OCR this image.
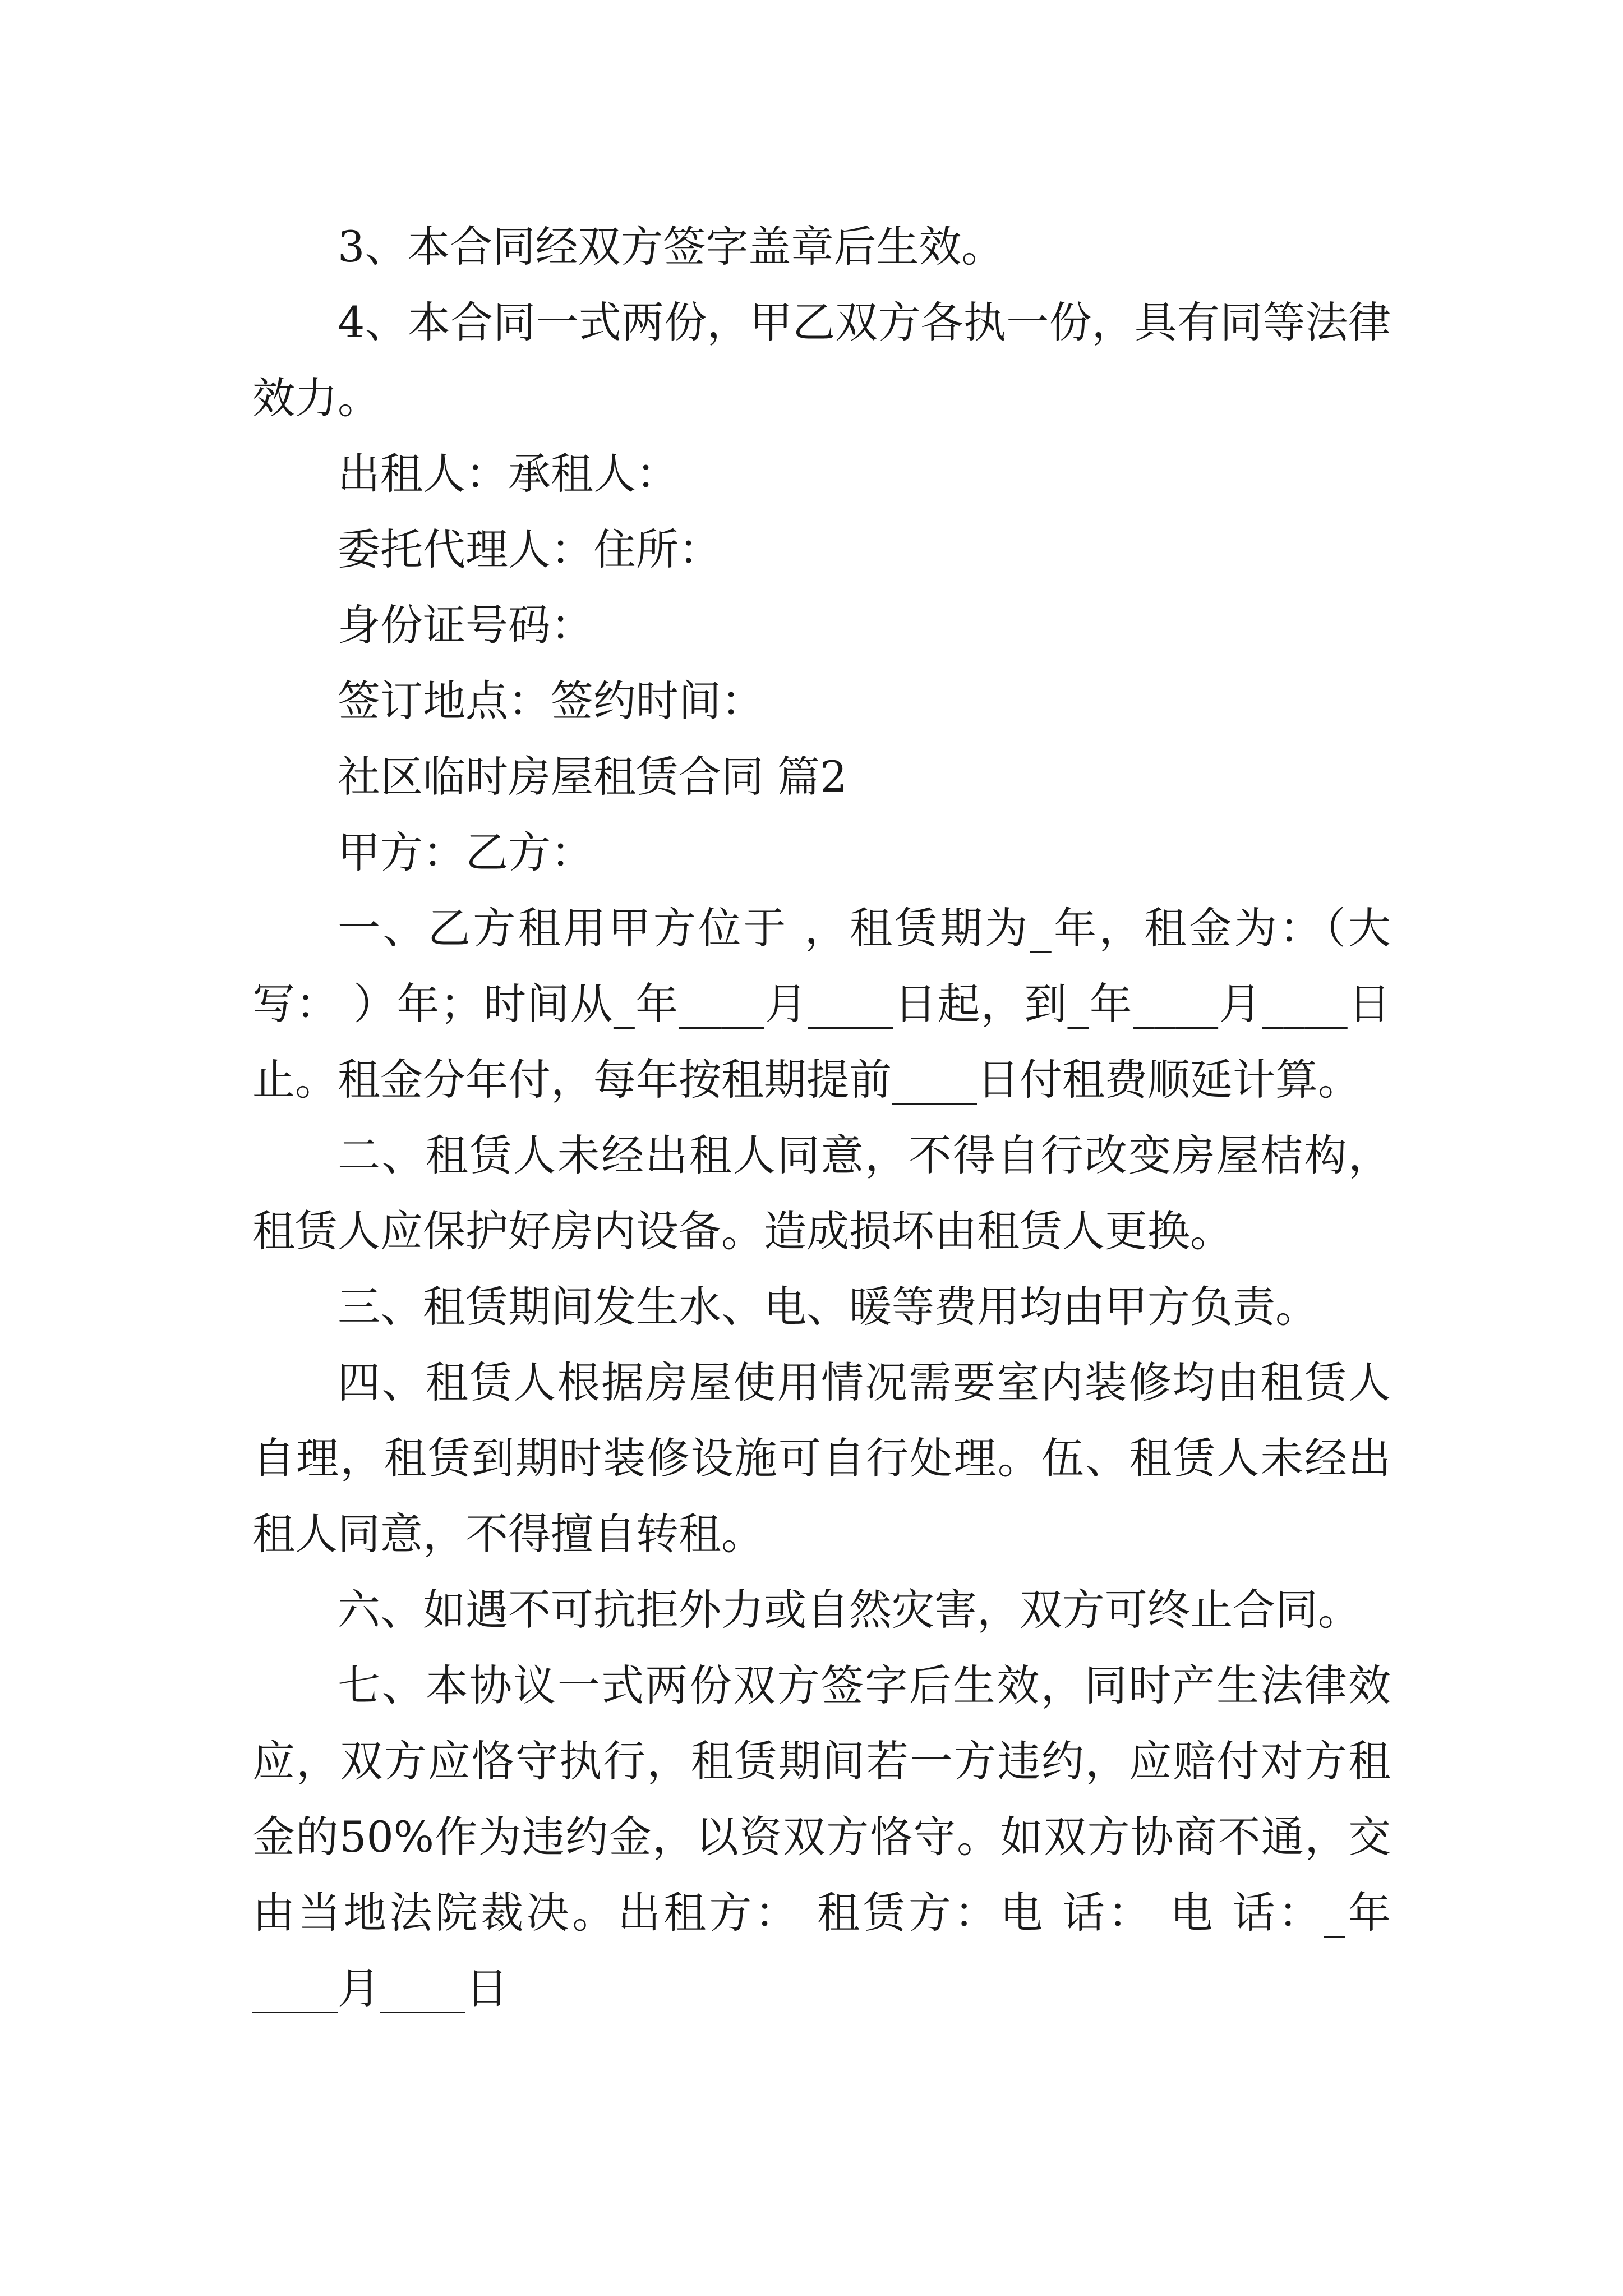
3、本合同经双方签字盖章后生效。

4、本合同一式两份，甲乙双方各执一份，具有同等法律效力。

出租人：承租人：

委托代理人：住所：

身份证号码：

签订地点：签约时间：

社区临时房屋租赁合同 篇2

甲方：乙方：

一、乙方租用甲方位于 ，租赁期为_年，租金为：（大写： ）年；时间从_年____月____日起，到_年____月____日止。租金分年付，每年按租期提前____日付租费顺延计算。

二、租赁人未经出租人同意，不得自行改变房屋桔构，租赁人应保护好房内设备。造成损坏由租赁人更换。

三、租赁期间发生水、电、暖等费用均由甲方负责。

四、租赁人根据房屋使用情况需要室内装修均由租赁人自理，租赁到期时装修设施可自行处理。伍、租赁人未经出租人同意，不得擅自转租。

六、如遇不可抗拒外力或自然灾害，双方可终止合同。

七、本协议一式两份双方签字后生效，同时产生法律效应，双方应恪守执行，租赁期间若一方违约，应赔付对方租金的50%作为违约金，以资双方恪守。如双方协商不通，交由当地法院裁决。出租方： 租赁方：电 话： 电 话：_年____月____日
